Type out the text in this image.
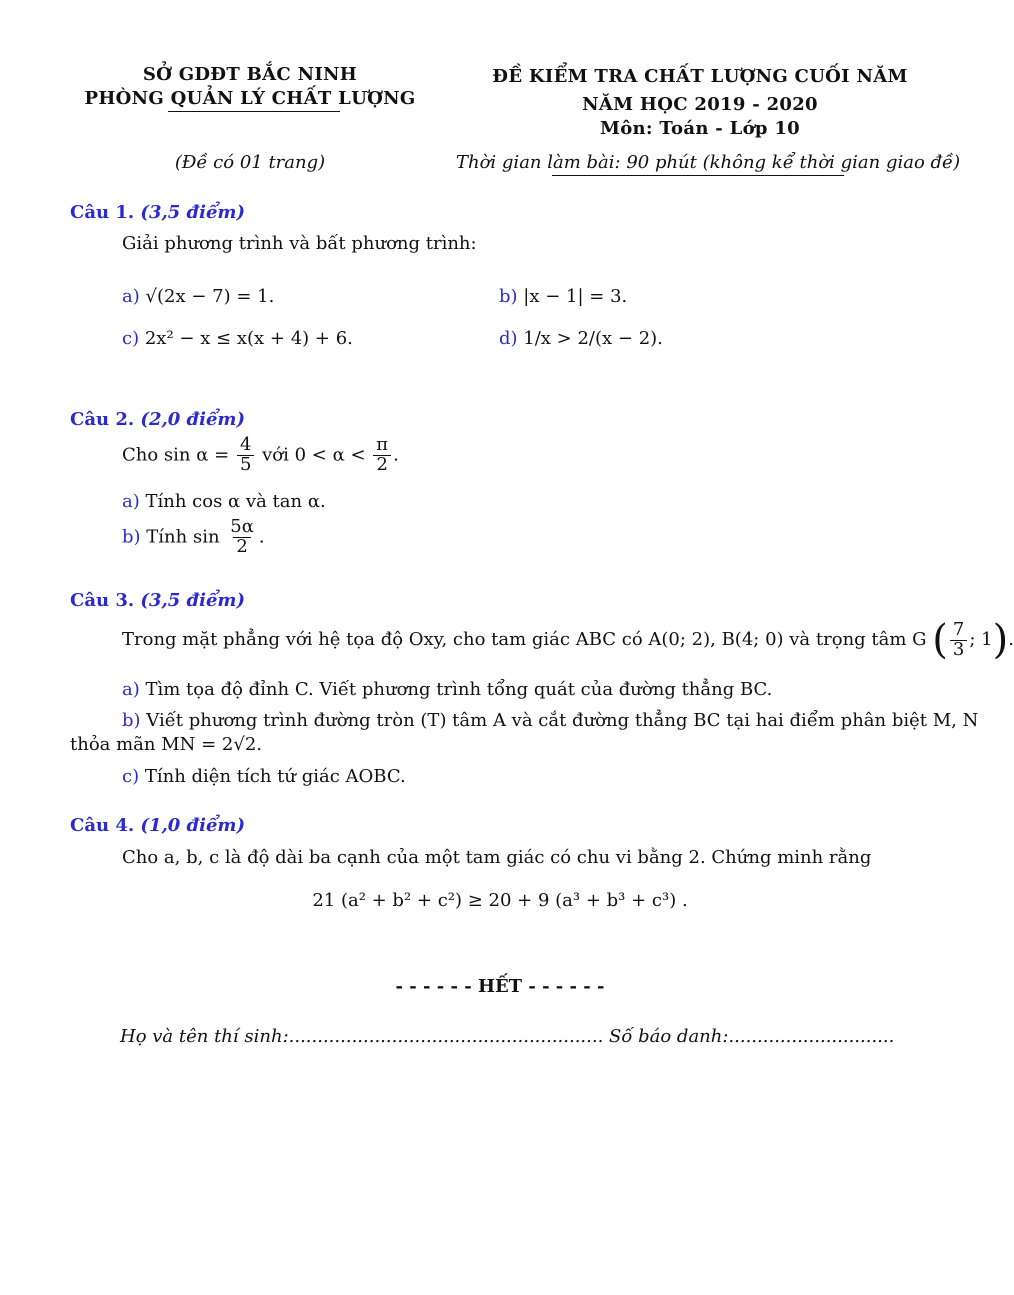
SỞ GDĐT BẮC NINH
PHÒNG QUẢN LÝ CHẤT LƯỢNG
ĐỀ KIỂM TRA CHẤT LƯỢNG CUỐI NĂM
NĂM HỌC 2019 - 2020
Môn: Toán - Lớp 10
(Đề có 01 trang)	Thời gian làm bài: 90 phút (không kể thời gian giao đề)
Câu 1. (3,5 điểm)
Giải phương trình và bất phương trình:
a) √(2x − 7) = 1.	b) |x − 1| = 3.
c) 2x² − x ≤ x(x + 4) + 6.	d) 1/x > 2/(x − 2).
Câu 2. (2,0 điểm)
Cho $\sin \alpha = \frac{4}{5}$ với $0 < \alpha < \frac{\pi}{2}$ .
a) Tính cos α và tan α.
b) Tính $\sin \frac{5\alpha}{2}$ .
Câu 3. (3,5 điểm)
Trong mặt phẳng với hệ tọa độ Oxy, cho tam giác ABC có A(0; 2), B(4; 0) và trọng tâm G ( $\frac{7}{3}$ ; 1).
a) Tìm tọa độ đỉnh C. Viết phương trình tổng quát của đường thẳng BC.
b) Viết phương trình đường tròn (T) tâm A và cắt đường thẳng BC tại hai điểm phân biệt M, N
thỏa mãn MN = 2√2.
c) Tính diện tích tứ giác AOBC.
Câu 4. (1,0 điểm)
Cho a, b, c là độ dài ba cạnh của một tam giác có chu vi bằng 2. Chứng minh rằng
21 (a² + b² + c²) ≥ 20 + 9 (a³ + b³ + c³) .
- - - - - - HẾT - - - - - -
Họ và tên thí sinh:....................................................... Số báo danh:.............................
